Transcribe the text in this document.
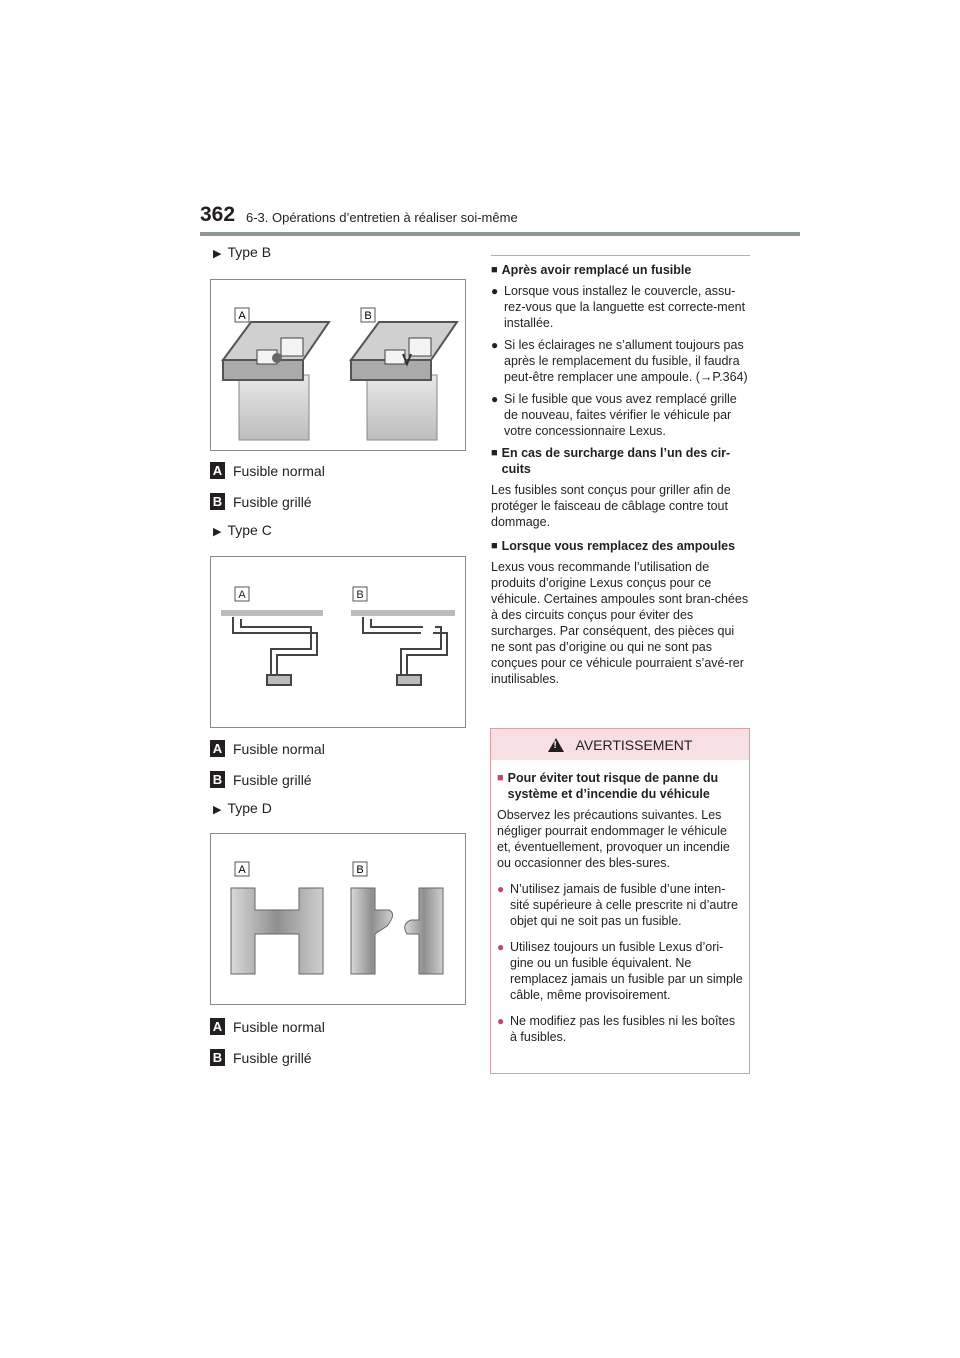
362 6-3. Opérations d’entretien à réaliser soi-même
▶ Type B
A	B
A Fusible normal
B Fusible grillé
▶ Type C
A	B
A Fusible normal
B Fusible grillé
▶ Type D
A	B
A Fusible normal
B Fusible grillé
■ Après avoir remplacé un fusible
● Lorsque vous installez le couvercle, assu-rez-vous que la languette est correcte-ment installée.
● Si les éclairages ne s’allument toujours pas après le remplacement du fusible, il faudra peut-être remplacer une ampoule. (→P.364)
● Si le fusible que vous avez remplacé grille de nouveau, faites vérifier le véhicule par votre concessionnaire Lexus.
■ En cas de surcharge dans l’un des cir-cuits
Les fusibles sont conçus pour griller afin de protéger le faisceau de câblage contre tout dommage.
■ Lorsque vous remplacez des ampoules
Lexus vous recommande l’utilisation de produits d’origine Lexus conçus pour ce véhicule. Certaines ampoules sont bran-chées à des circuits conçus pour éviter des surcharges. Par conséquent, des pièces qui ne sont pas d’origine ou qui ne sont pas conçues pour ce véhicule pourraient s’avé-rer inutilisables.
! AVERTISSEMENT
■ Pour éviter tout risque de panne du système et d’incendie du véhicule
Observez les précautions suivantes. Les négliger pourrait endommager le véhicule et, éventuellement, provoquer un incendie ou occasionner des bles-sures.
● N’utilisez jamais de fusible d’une inten-sité supérieure à celle prescrite ni d’autre objet qui ne soit pas un fusible.
● Utilisez toujours un fusible Lexus d’ori-gine ou un fusible équivalent. Ne remplacez jamais un fusible par un simple câble, même provisoirement.
● Ne modifiez pas les fusibles ni les boîtes à fusibles.
